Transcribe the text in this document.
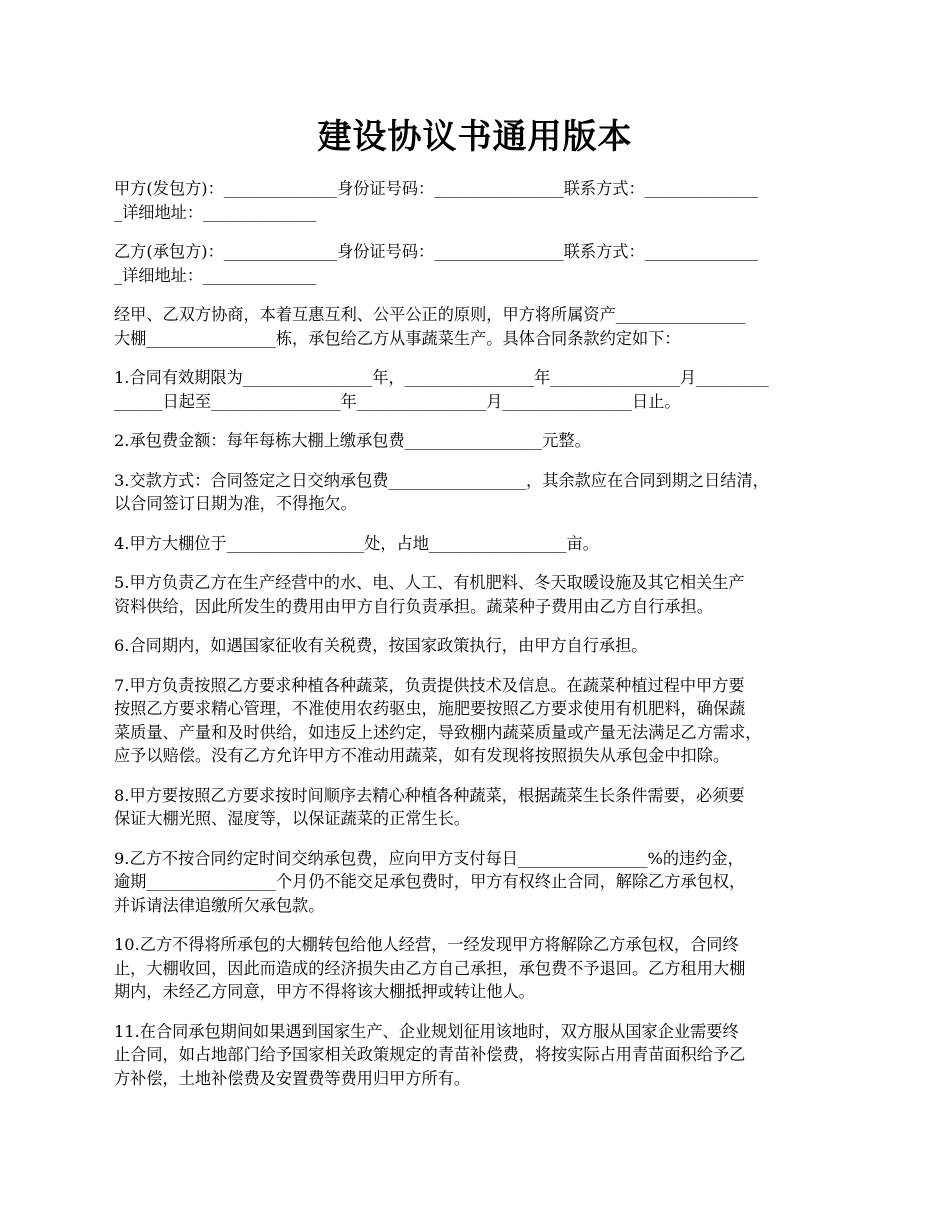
建设协议书通用版本

甲方(发包方)：______________身份证号码：________________联系方式：______________
_详细地址：______________

乙方(承包方)：______________身份证号码：________________联系方式：______________
_详细地址：______________

经甲、乙双方协商，本着互惠互利、公平公正的原则，甲方将所属资产________________
大棚________________栋，承包给乙方从事蔬菜生产。具体合同条款约定如下：

1.合同有效期限为________________年，________________年________________月_________
______日起至________________年________________月________________日止。

2.承包费金额：每年每栋大棚上缴承包费_________________元整。

3.交款方式：合同签定之日交纳承包费_________________，其余款应在合同到期之日结清，
以合同签订日期为准，不得拖欠。

4.甲方大棚位于_________________处，占地_________________亩。

5.甲方负责乙方在生产经营中的水、电、人工、有机肥料、冬天取暖设施及其它相关生产
资料供给，因此所发生的费用由甲方自行负责承担。蔬菜种子费用由乙方自行承担。

6.合同期内，如遇国家征收有关税费，按国家政策执行，由甲方自行承担。

7.甲方负责按照乙方要求种植各种蔬菜，负责提供技术及信息。在蔬菜种植过程中甲方要
按照乙方要求精心管理，不准使用农药驱虫，施肥要按照乙方要求使用有机肥料，确保蔬
菜质量、产量和及时供给，如违反上述约定，导致棚内蔬菜质量或产量无法满足乙方需求，
应予以赔偿。没有乙方允许甲方不准动用蔬菜，如有发现将按照损失从承包金中扣除。

8.甲方要按照乙方要求按时间顺序去精心种植各种蔬菜，根据蔬菜生长条件需要，必须要
保证大棚光照、湿度等，以保证蔬菜的正常生长。

9.乙方不按合同约定时间交纳承包费，应向甲方支付每日________________%的违约金，
逾期________________个月仍不能交足承包费时，甲方有权终止合同，解除乙方承包权，
并诉请法律追缴所欠承包款。

10.乙方不得将所承包的大棚转包给他人经营，一经发现甲方将解除乙方承包权，合同终
止，大棚收回，因此而造成的经济损失由乙方自己承担，承包费不予退回。乙方租用大棚
期内，未经乙方同意，甲方不得将该大棚抵押或转让他人。

11.在合同承包期间如果遇到国家生产、企业规划征用该地时，双方服从国家企业需要终
止合同，如占地部门给予国家相关政策规定的青苗补偿费，将按实际占用青苗面积给予乙
方补偿，土地补偿费及安置费等费用归甲方所有。
